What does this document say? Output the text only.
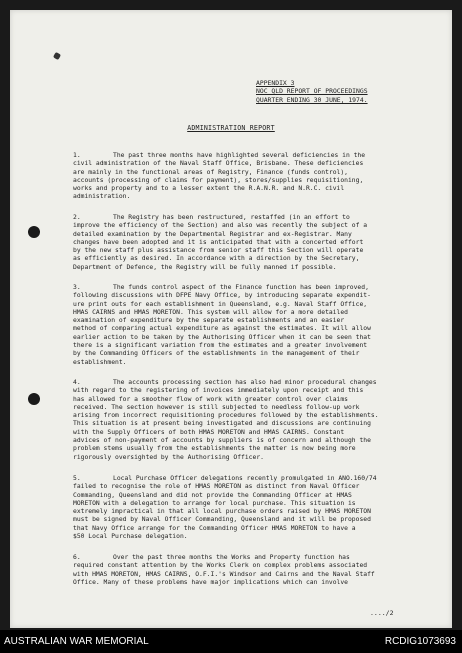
APPENDIX 3
NOC QLD REPORT OF PROCEEDINGS
QUARTER ENDING 30 JUNE, 1974.
ADMINISTRATION REPORT
1.	The past three months have highlighted several deficiencies in the
civil administration of the Naval Staff Office, Brisbane. These deficiencies
are mainly in the functional areas of Registry, Finance (funds control),
accounts (processing of claims for payment), stores/supplies requisitioning,
works and property and to a lesser extent the R.A.N.R. and N.R.C. civil
administration.
2.	The Registry has been restructured, restaffed (in an effort to
improve the efficiency of the Section) and also was recently the subject of a
detailed examination by the Departmental Registrar and ex-Registrar. Many
changes have been adopted and it is anticipated that with a concerted effort
by the new staff plus assistance from senior staff this Section will operate
as efficiently as desired. In accordance with a direction by the Secretary,
Department of Defence, the Registry will be fully manned if possible.
3.	The funds control aspect of the Finance function has been improved,
following discussions with DFPE Navy Office, by introducing separate expendit-
ure print outs for each establishment in Queensland, e.g. Naval Staff Office,
HMAS CAIRNS and HMAS MORETON. This system will allow for a more detailed
examination of expenditure by the separate establishments and an easier
method of comparing actual expenditure as against the estimates. It will allow
earlier action to be taken by the Authorising Officer when it can be seen that
there is a significant variation from the estimates and a greater involvement
by the Commanding Officers of the establishments in the management of their
establishment.
4.	The accounts processing section has also had minor procedural changes
with regard to the registering of invoices immediately upon receipt and this
has allowed for a smoother flow of work with greater control over claims
received. The section however is still subjected to needless follow-up work
arising from incorrect requisitioning procedures followed by the establishments.
This situation is at present being investigated and discussions are continuing
with the Supply Officers of both HMAS MORETON and HMAS CAIRNS. Constant
advices of non-payment of accounts by suppliers is of concern and although the
problem stems usually from the establishments the matter is now being more
rigorously oversighted by the Authorising Officer.
5.	Local Purchase Officer delegations recently promulgated in ANO.160/74
failed to recognise the role of HMAS MORETON as distinct from Naval Officer
Commanding, Queensland and did not provide the Commanding Officer at HMAS
MORETON with a delegation to arrange for local purchase. This situation is
extremely impractical in that all local purchase orders raised by HMAS MORETON
must be signed by Naval Officer Commanding, Queensland and it will be proposed
that Navy Office arrange for the Commanding Officer HMAS MORETON to have a
$50 Local Purchase delegation.
6.	Over the past three months the Works and Property function has
required constant attention by the Works Clerk on complex problems associated
with HMAS MORETON, HMAS CAIRNS, O.F.I.'s Windsor and Cairns and the Naval Staff
Office. Many of these problems have major implications which can involve
..../2
AUSTRALIAN WAR MEMORIAL	RCDIG1073693
